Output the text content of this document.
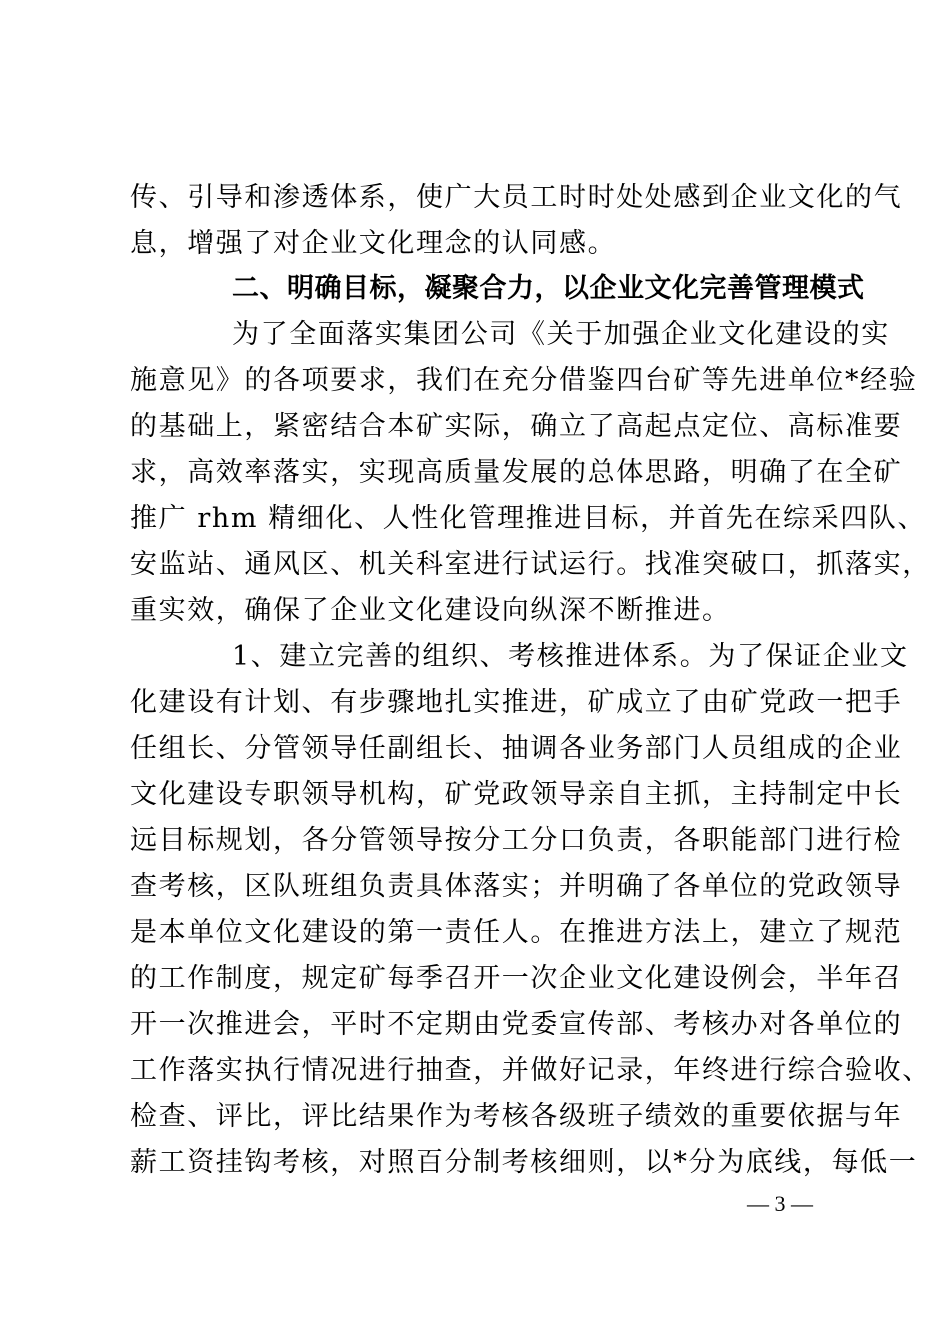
传、引导和渗透体系，使广大员工时时处处感到企业文化的气
息，增强了对企业文化理念的认同感。
二、明确目标，凝聚合力，以企业文化完善管理模式
为了全面落实集团公司《关于加强企业文化建设的实
施意见》的各项要求，我们在充分借鉴四台矿等先进单位*经验
的基础上，紧密结合本矿实际，确立了高起点定位、高标准要
求，高效率落实，实现高质量发展的总体思路，明确了在全矿
推广 rhm 精细化、人性化管理推进目标，并首先在综采四队、
安监站、通风区、机关科室进行试运行。找准突破口，抓落实，
重实效，确保了企业文化建设向纵深不断推进。
1、建立完善的组织、考核推进体系。为了保证企业文
化建设有计划、有步骤地扎实推进，矿成立了由矿党政一把手
任组长、分管领导任副组长、抽调各业务部门人员组成的企业
文化建设专职领导机构，矿党政领导亲自主抓，主持制定中长
远目标规划，各分管领导按分工分口负责，各职能部门进行检
查考核，区队班组负责具体落实；并明确了各单位的党政领导
是本单位文化建设的第一责任人。在推进方法上，建立了规范
的工作制度，规定矿每季召开一次企业文化建设例会，半年召
开一次推进会，平时不定期由党委宣传部、考核办对各单位的
工作落实执行情况进行抽查，并做好记录，年终进行综合验收、
检查、评比，评比结果作为考核各级班子绩效的重要依据与年
薪工资挂钩考核，对照百分制考核细则，以*分为底线，每低一
— 3 —
